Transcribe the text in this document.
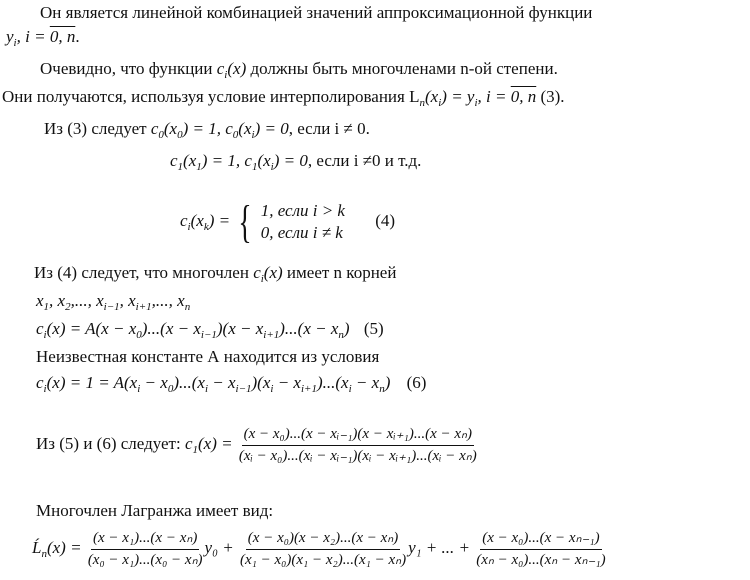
Он является линейной комбинацией значений аппроксимационной функции
$y_i$, i = 0, n.
Очевидно, что функции $c_i(x)$ должны быть многочленами n-ой степени.
Они получаются, используя условие интерполирования $L_n(x_i) = y_i$, i = 0, n (3).
Из (3) следует $c_0(x_0) = 1$, $c_0(x_i) = 0$, если i ≠ 0.
$c_1(x_1) = 1$, $c_1(x_i) = 0$, если i ≠0 и т.д.
$c_i(x_k)$ = { 1, если i > k
0, если i ≠ k
(4)
Из (4) следует, что многочлен $c_i(x)$ имеет n корней
$x_1$, $x_2$,..., $x_{i-1}$, $x_{i+1}$,..., $x_n$
$c_i(x) = A(x - x_0)...(x - x_{i-1})(x - x_{i+1})...(x - x_n)$ (5)
Неизвестная константе А находится из условия
$c_i(x) = 1 = A(x_i - x_0)...(x_i - x_{i-1})(x_i - x_{i+1})...(x_i - x_n)$ (6)
Из (5) и (6) следует: $c_1(x) = \frac{\text{(x − x₀)...(x − xᵢ₋₁)(x − xᵢ₊₁)...(x − xₙ)}}{\text{(xᵢ − x₀)...(xᵢ − xᵢ₋₁)(xᵢ − xᵢ₊₁)...(xᵢ − xₙ)}}$
Многочлен Лагранжа имеет вид:
$Ĺ_n(x) = \frac{\text{(x − x₁)...(x − xₙ)}}{\text{(x₀ − x₁)...(x₀ − xₙ)}} y_0 + \frac{\text{(x − x₀)(x − x₂)...(x − xₙ)}}{\text{(x₁ − x₀)(x₁ − x₂)...(x₁ − xₙ)}} y_1$ + ... + $\frac{\text{(x − x₀)...(x − xₙ₋₁)}}{\text{(xₙ − x₀)...(xₙ − xₙ₋₁)}}$
